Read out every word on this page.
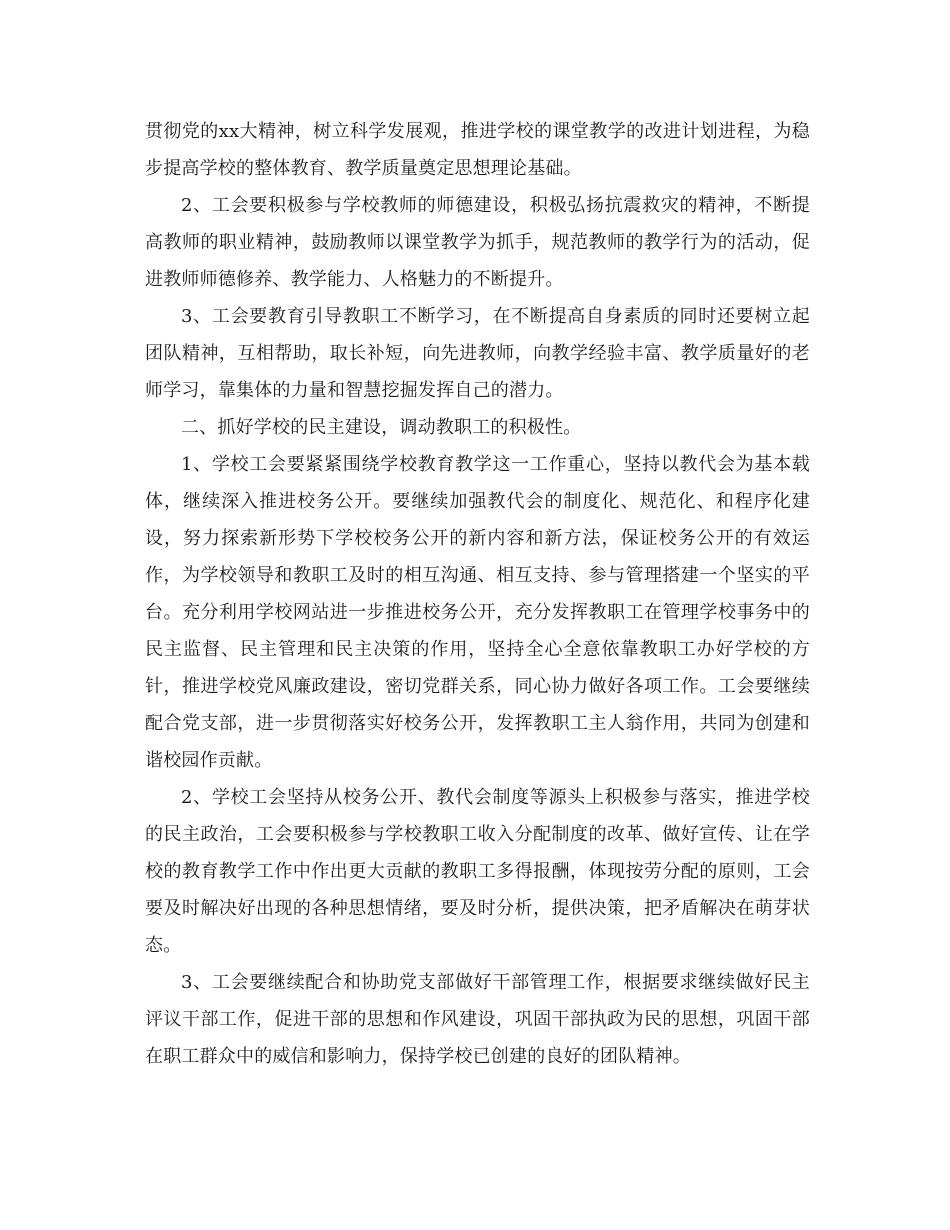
贯彻党的xx大精神，树立科学发展观，推进学校的课堂教学的改进计划进程，为稳步提高学校的整体教育、教学质量奠定思想理论基础。

2、工会要积极参与学校教师的师德建设，积极弘扬抗震救灾的精神，不断提高教师的职业精神，鼓励教师以课堂教学为抓手，规范教师的教学行为的活动，促进教师师德修养、教学能力、人格魅力的不断提升。

3、工会要教育引导教职工不断学习，在不断提高自身素质的同时还要树立起团队精神，互相帮助，取长补短，向先进教师，向教学经验丰富、教学质量好的老师学习，靠集体的力量和智慧挖掘发挥自己的潜力。

二、抓好学校的民主建设，调动教职工的积极性。

1、学校工会要紧紧围绕学校教育教学这一工作重心，坚持以教代会为基本载体，继续深入推进校务公开。要继续加强教代会的制度化、规范化、和程序化建设，努力探索新形势下学校校务公开的新内容和新方法，保证校务公开的有效运作，为学校领导和教职工及时的相互沟通、相互支持、参与管理搭建一个坚实的平台。充分利用学校网站进一步推进校务公开，充分发挥教职工在管理学校事务中的民主监督、民主管理和民主决策的作用，坚持全心全意依靠教职工办好学校的方针，推进学校党风廉政建设，密切党群关系，同心协力做好各项工作。工会要继续配合党支部，进一步贯彻落实好校务公开，发挥教职工主人翁作用，共同为创建和谐校园作贡献。

2、学校工会坚持从校务公开、教代会制度等源头上积极参与落实，推进学校的民主政治，工会要积极参与学校教职工收入分配制度的改革、做好宣传、让在学校的教育教学工作中作出更大贡献的教职工多得报酬，体现按劳分配的原则，工会要及时解决好出现的各种思想情绪，要及时分析，提供决策，把矛盾解决在萌芽状态。

3、工会要继续配合和协助党支部做好干部管理工作，根据要求继续做好民主评议干部工作，促进干部的思想和作风建设，巩固干部执政为民的思想，巩固干部在职工群众中的威信和影响力，保持学校已创建的良好的团队精神。
